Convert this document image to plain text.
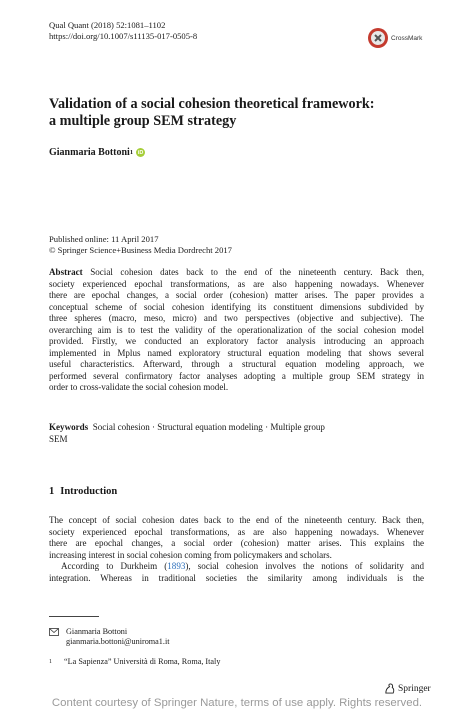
Qual Quant (2018) 52:1081–1102
https://doi.org/10.1007/s11135-017-0505-8	CrossMark
Validation of a social cohesion theoretical framework:
a multiple group SEM strategy
Gianmaria Bottoni 1 iD
Published online: 11 April 2017
© Springer Science+Business Media Dordrecht 2017
Abstract Social cohesion dates back to the end of the nineteenth century. Back then,
society experienced epochal transformations, as are also happening nowadays. Whenever
there are epochal changes, a social order (cohesion) matter arises. The paper provides a
conceptual scheme of social cohesion identifying its constituent dimensions subdivided by
three spheres (macro, meso, micro) and two perspectives (objective and subjective). The
overarching aim is to test the validity of the operationalization of the social cohesion model
provided. Firstly, we conducted an exploratory factor analysis introducing an approach
implemented in Mplus named exploratory structural equation modeling that shows several
useful characteristics. Afterward, through a structural equation modeling approach, we
performed several confirmatory factor analyses adopting a multiple group SEM strategy in
order to cross-validate the social cohesion model.
Keywords Social cohesion · Structural equation modeling · Multiple group
SEM
1 Introduction
The concept of social cohesion dates back to the end of the nineteenth century. Back then,
society experienced epochal transformations, as are also happening nowadays. Whenever
there are epochal changes, a social order (cohesion) matter arises. This explains the
increasing interest in social cohesion coming from policymakers and scholars.
According to Durkheim (1893), social cohesion involves the notions of solidarity and
integration. Whereas in traditional societies the similarity among individuals is the
Gianmaria Bottoni
gianmaria.bottoni@uniroma1.it
1 “La Sapienza” Università di Roma, Roma, Italy
Springer
Content courtesy of Springer Nature, terms of use apply. Rights reserved.
